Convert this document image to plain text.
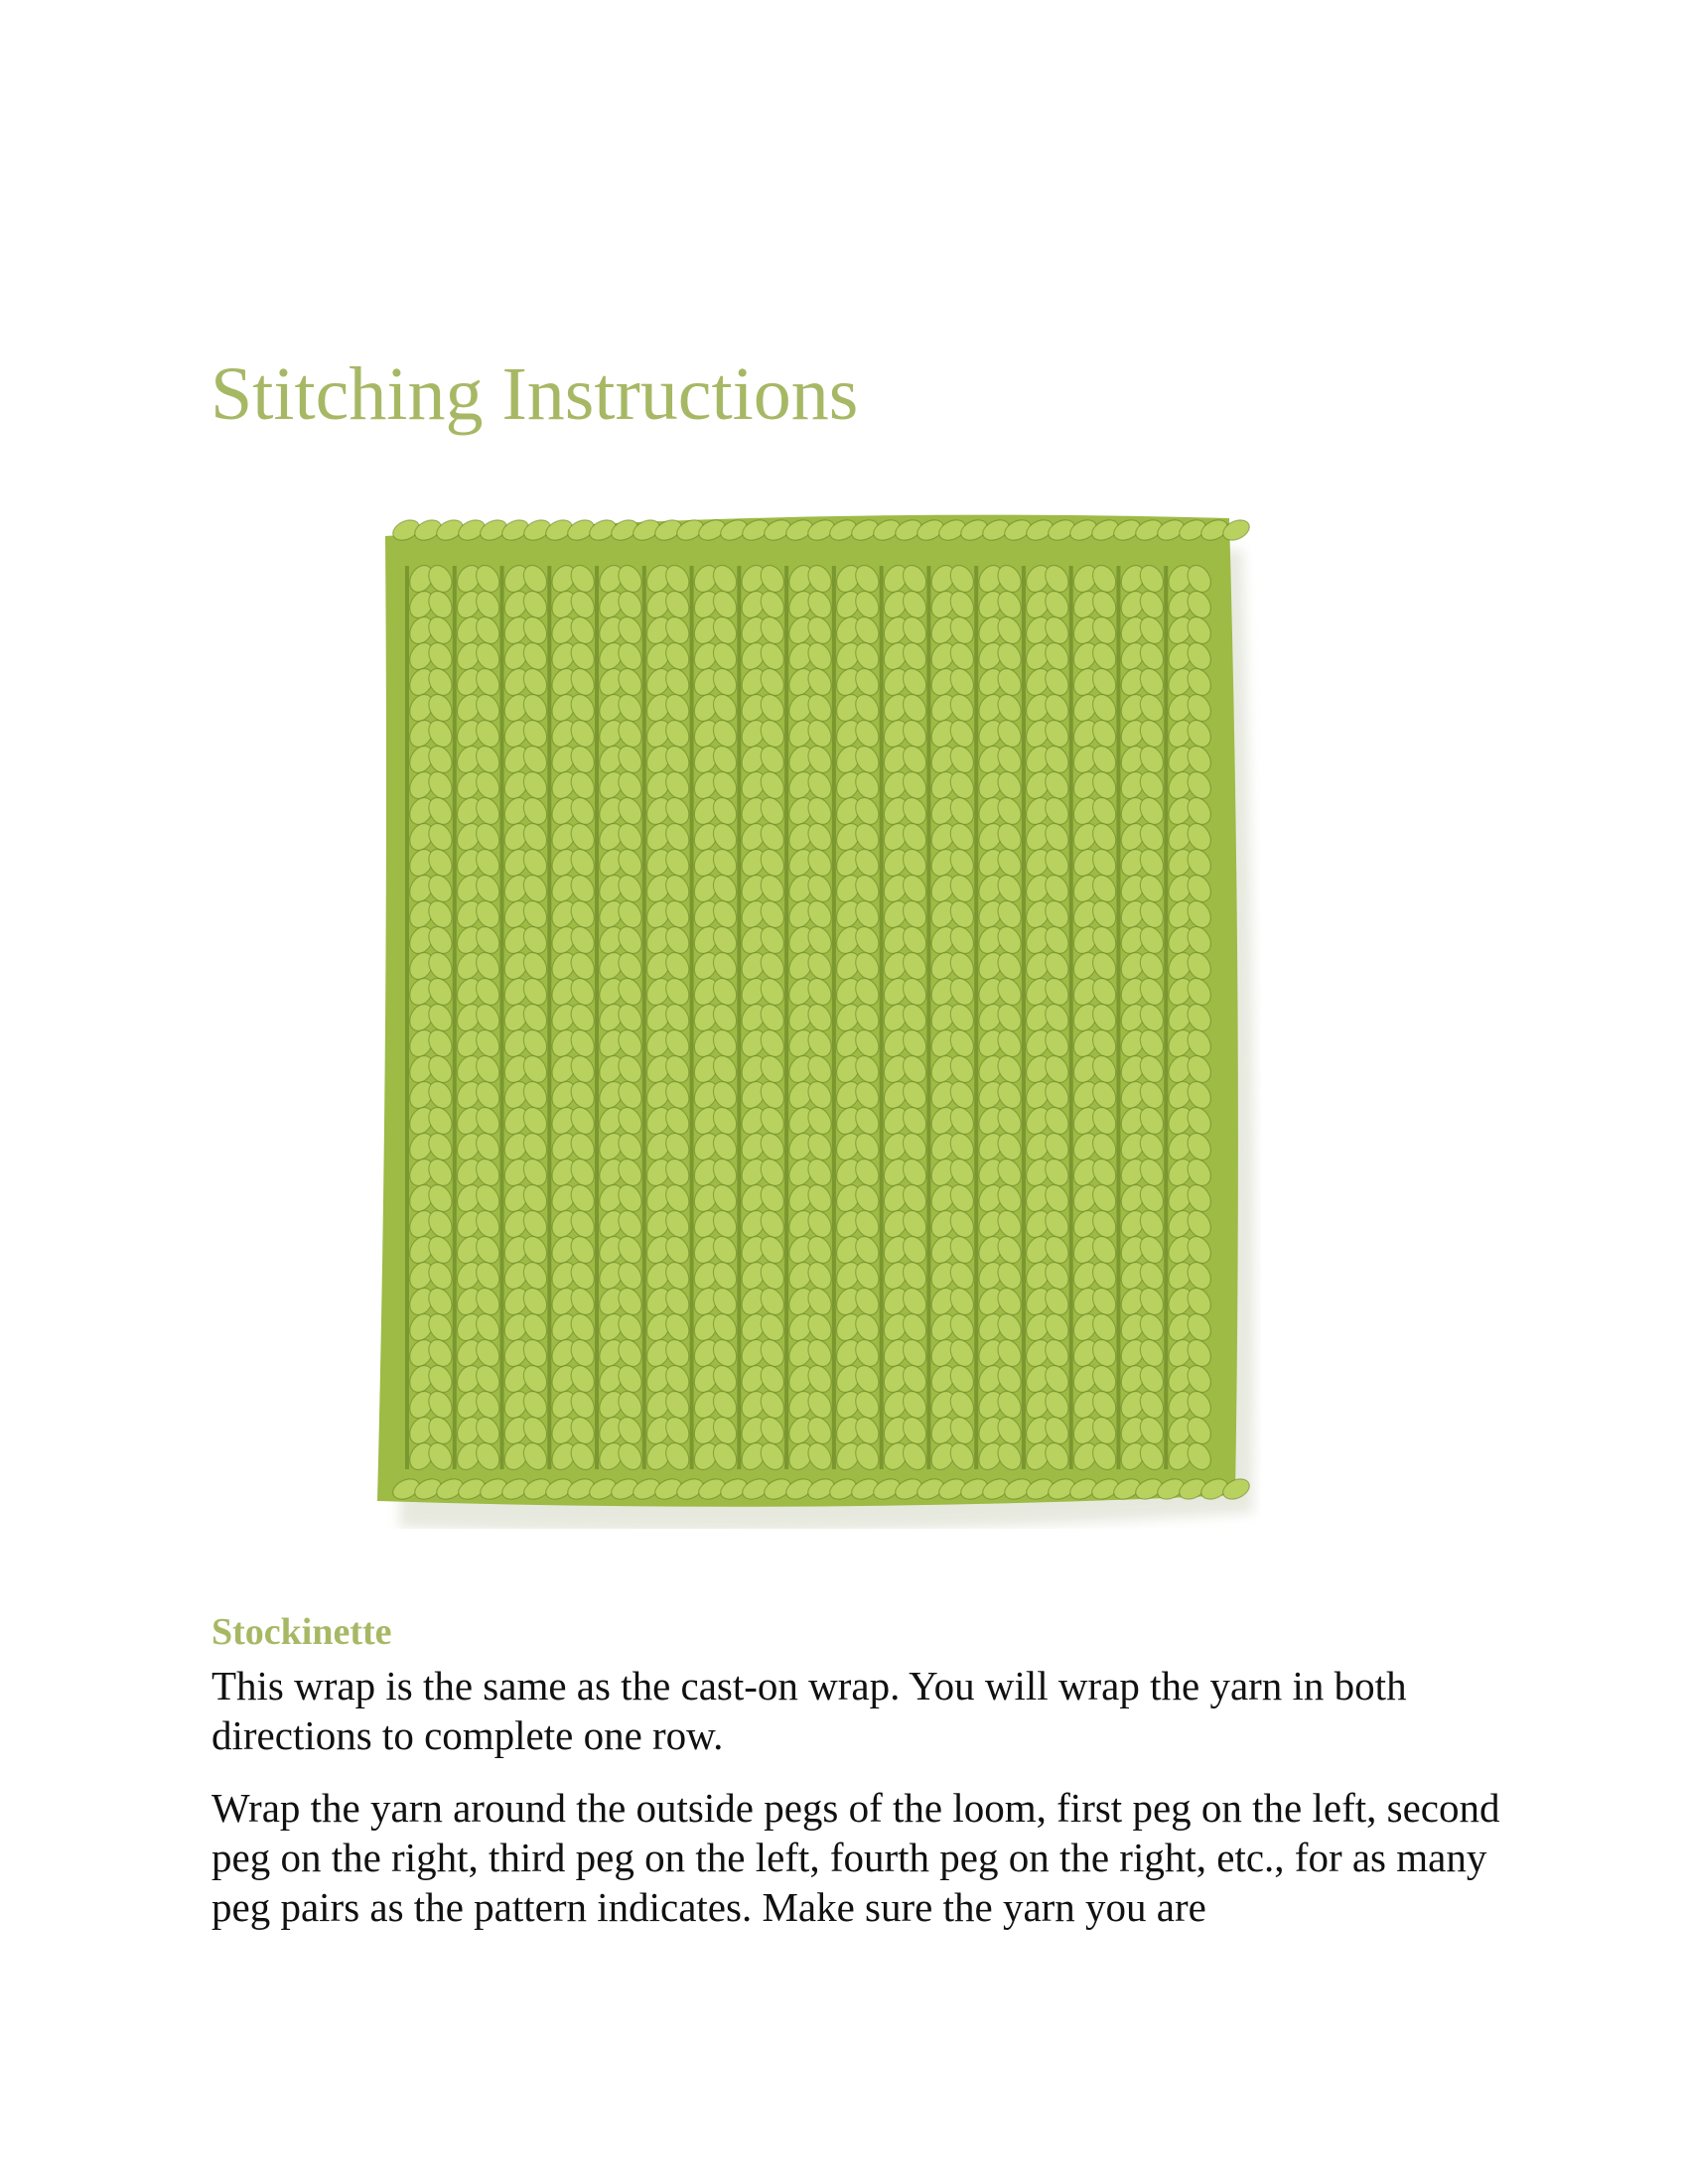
Stitching Instructions
Stockinette

This wrap is the same as the cast-on wrap. You will wrap the yarn in both directions to complete one row.

Wrap the yarn around the outside pegs of the loom, first peg on the left, second peg on the right, third peg on the left, fourth peg on the right, etc., for as many peg pairs as the pattern indicates. Make sure the yarn you are
